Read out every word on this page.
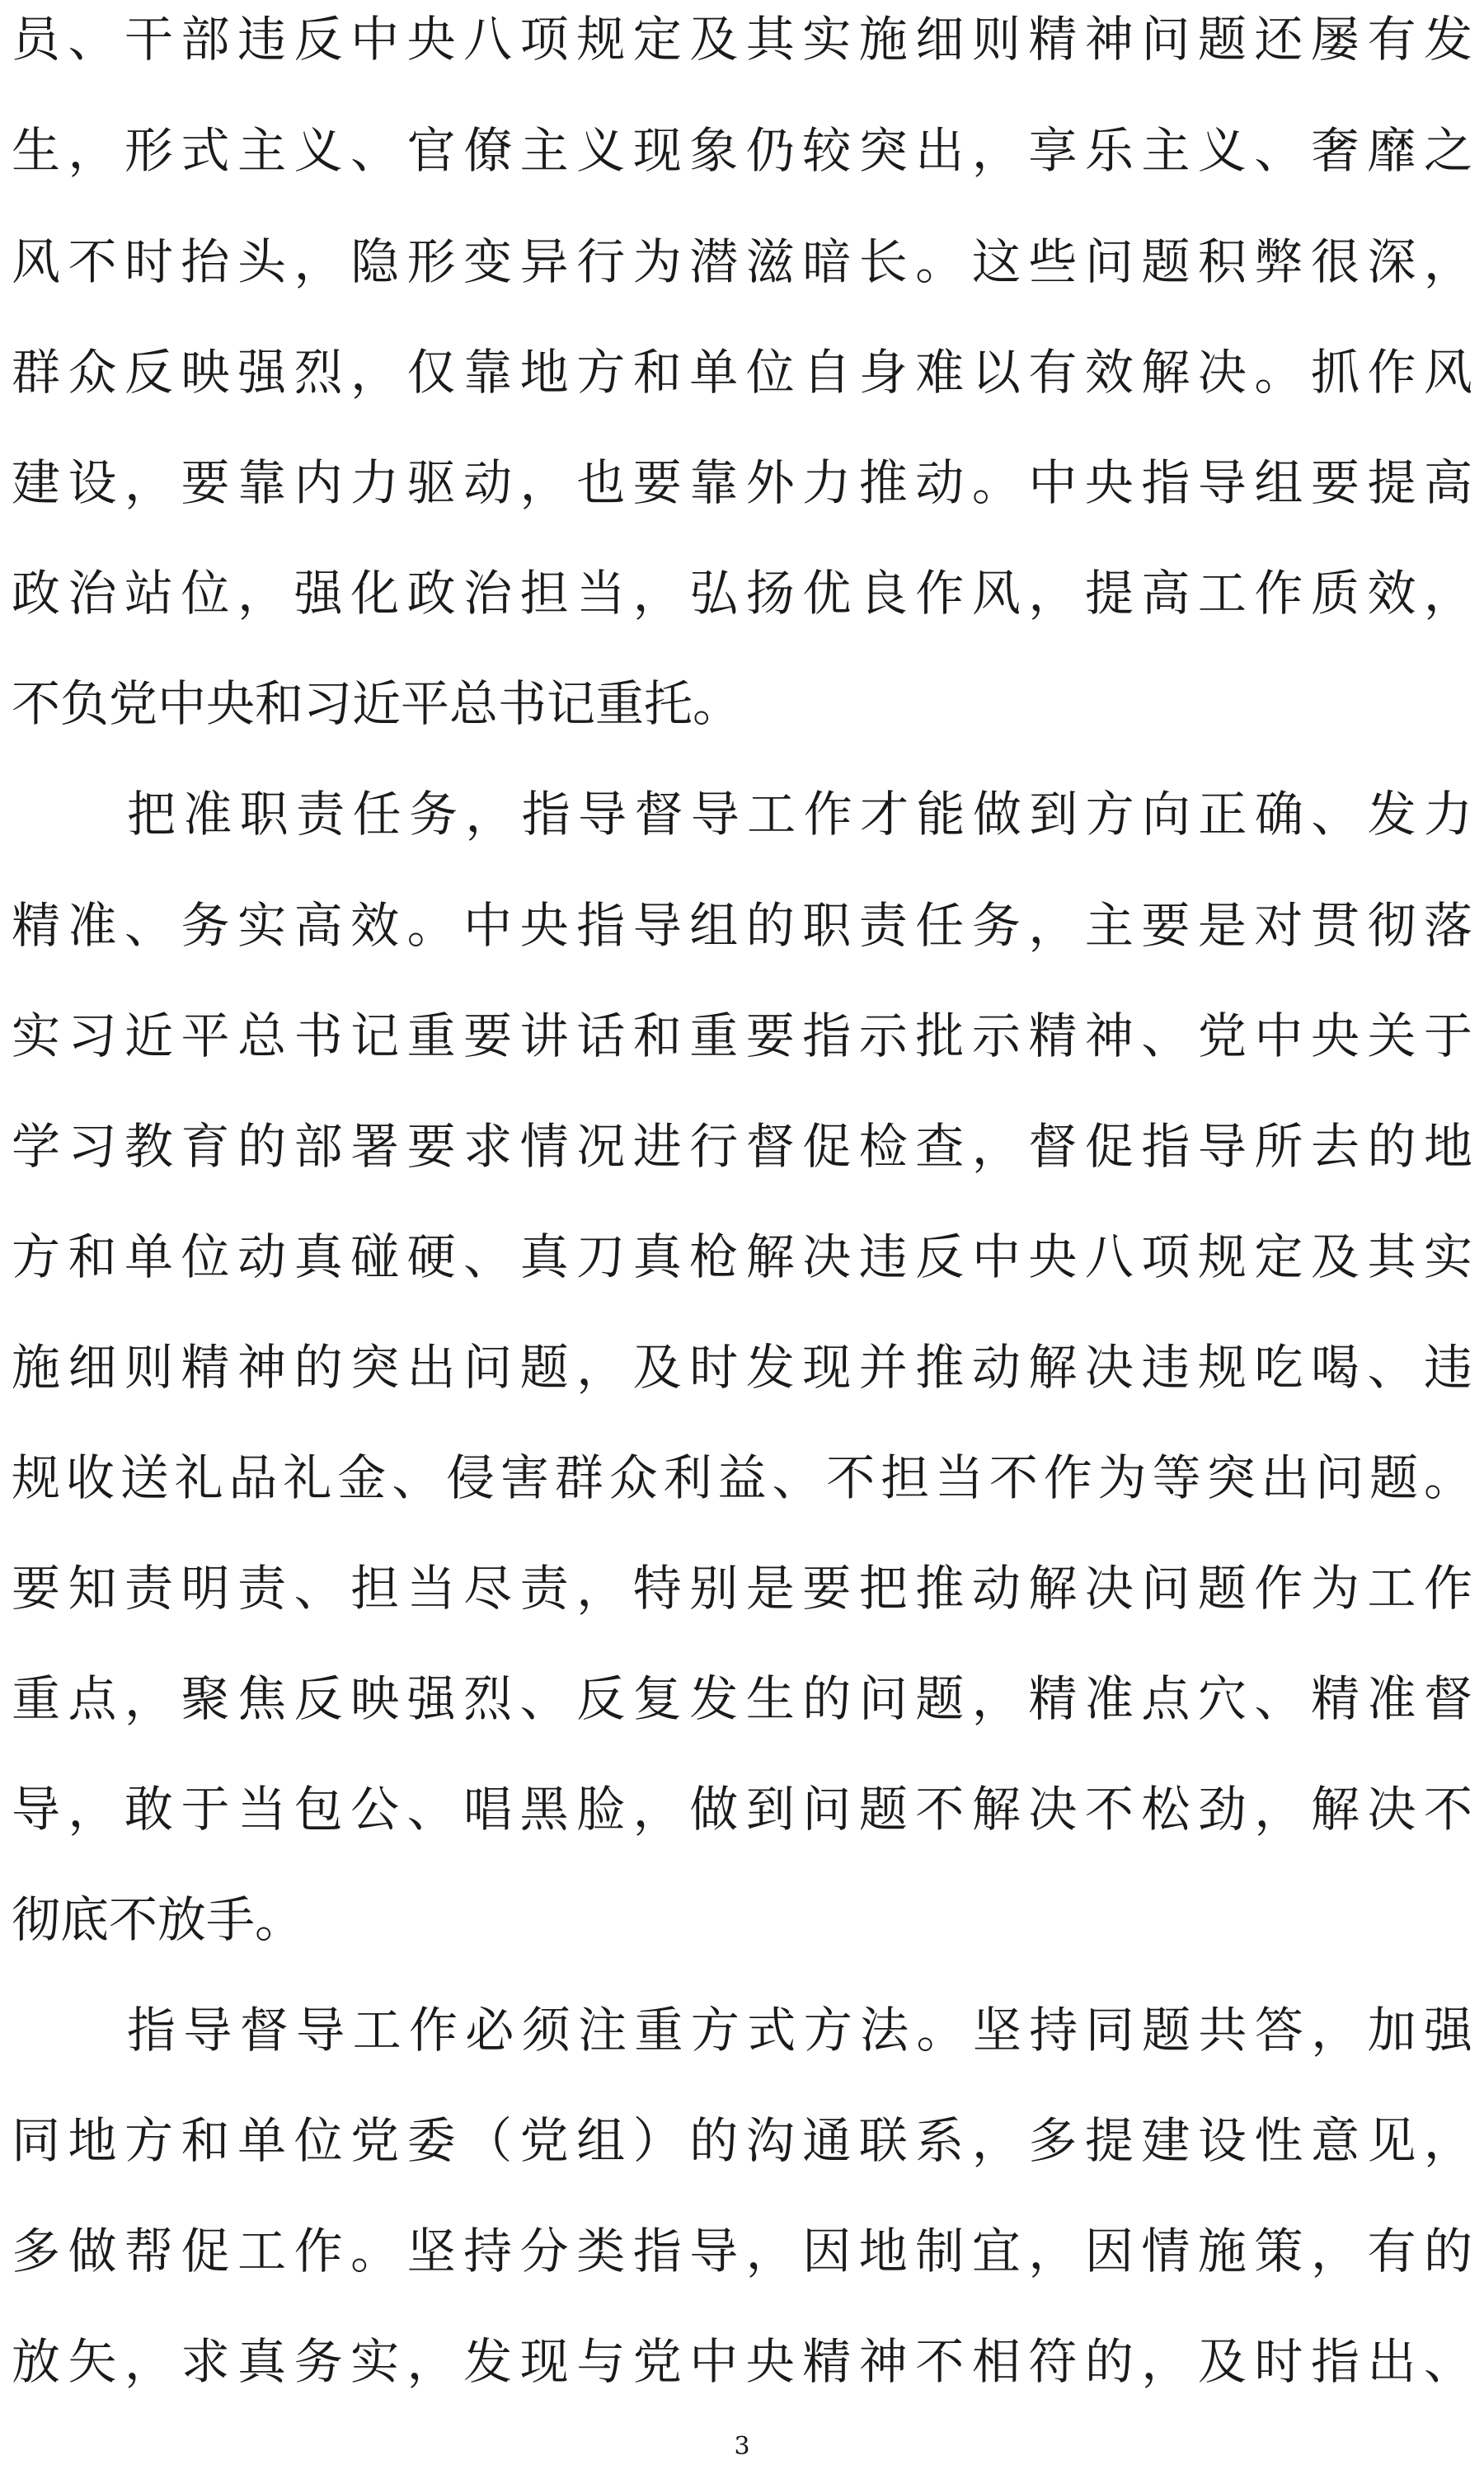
员、干部违反中央八项规定及其实施细则精神问题还屡有发
生，形式主义、官僚主义现象仍较突出，享乐主义、奢靡之
风不时抬头，隐形变异行为潜滋暗长。这些问题积弊很深，
群众反映强烈，仅靠地方和单位自身难以有效解决。抓作风
建设，要靠内力驱动，也要靠外力推动。中央指导组要提高
政治站位，强化政治担当，弘扬优良作风，提高工作质效，
不负党中央和习近平总书记重托。
把准职责任务，指导督导工作才能做到方向正确、发力
精准、务实高效。中央指导组的职责任务，主要是对贯彻落
实习近平总书记重要讲话和重要指示批示精神、党中央关于
学习教育的部署要求情况进行督促检查，督促指导所去的地
方和单位动真碰硬、真刀真枪解决违反中央八项规定及其实
施细则精神的突出问题，及时发现并推动解决违规吃喝、违
规收送礼品礼金、侵害群众利益、不担当不作为等突出问题。
要知责明责、担当尽责，特别是要把推动解决问题作为工作
重点，聚焦反映强烈、反复发生的问题，精准点穴、精准督
导，敢于当包公、唱黑脸，做到问题不解决不松劲，解决不
彻底不放手。
指导督导工作必须注重方式方法。坚持同题共答，加强
同地方和单位党委（党组）的沟通联系，多提建设性意见，
多做帮促工作。坚持分类指导，因地制宜，因情施策，有的
放矢，求真务实，发现与党中央精神不相符的，及时指出、
3
